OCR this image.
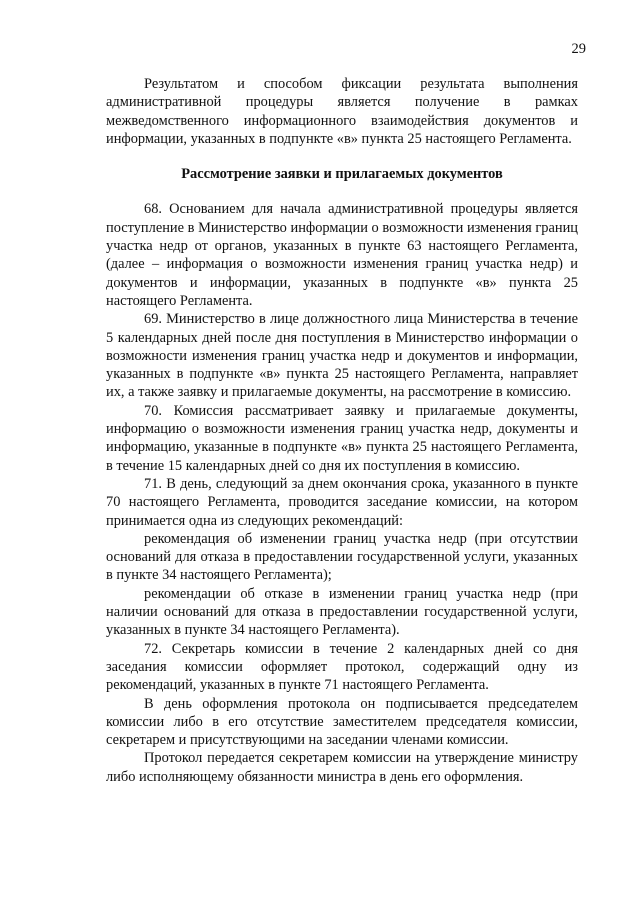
29

Результатом и способом фиксации результата выполнения административной процедуры является получение в рамках межведомственного информационного взаимодействия документов и информации, указанных в подпункте «в» пункта 25 настоящего Регламента.

Рассмотрение заявки и прилагаемых документов

68. Основанием для начала административной процедуры является поступление в Министерство информации о возможности изменения границ участка недр от органов, указанных в пункте 63 настоящего Регламента, (далее – информация о возможности изменения границ участка недр) и документов и информации, указанных в подпункте «в» пункта 25 настоящего Регламента.

69. Министерство в лице должностного лица Министерства в течение 5 календарных дней после дня поступления в Министерство информации о возможности изменения границ участка недр и документов и информации, указанных в подпункте «в» пункта 25 настоящего Регламента, направляет их, а также заявку и прилагаемые документы, на рассмотрение в комиссию.

70. Комиссия рассматривает заявку и прилагаемые документы, информацию о возможности изменения границ участка недр, документы и информацию, указанные в подпункте «в» пункта 25 настоящего Регламента, в течение 15 календарных дней со дня их поступления в комиссию.

71. В день, следующий за днем окончания срока, указанного в пункте 70 настоящего Регламента, проводится заседание комиссии, на котором принимается одна из следующих рекомендаций:

рекомендация об изменении границ участка недр (при отсутствии оснований для отказа в предоставлении государственной услуги, указанных в пункте 34 настоящего Регламента);

рекомендации об отказе в изменении границ участка недр (при наличии оснований для отказа в предоставлении государственной услуги, указанных в пункте 34 настоящего Регламента).

72. Секретарь комиссии в течение 2 календарных дней со дня заседания комиссии оформляет протокол, содержащий одну из рекомендаций, указанных в пункте 71 настоящего Регламента.

В день оформления протокола он подписывается председателем комиссии либо в его отсутствие заместителем председателя комиссии, секретарем и присутствующими на заседании членами комиссии.

Протокол передается секретарем комиссии на утверждение министру либо исполняющему обязанности министра в день его оформления.
